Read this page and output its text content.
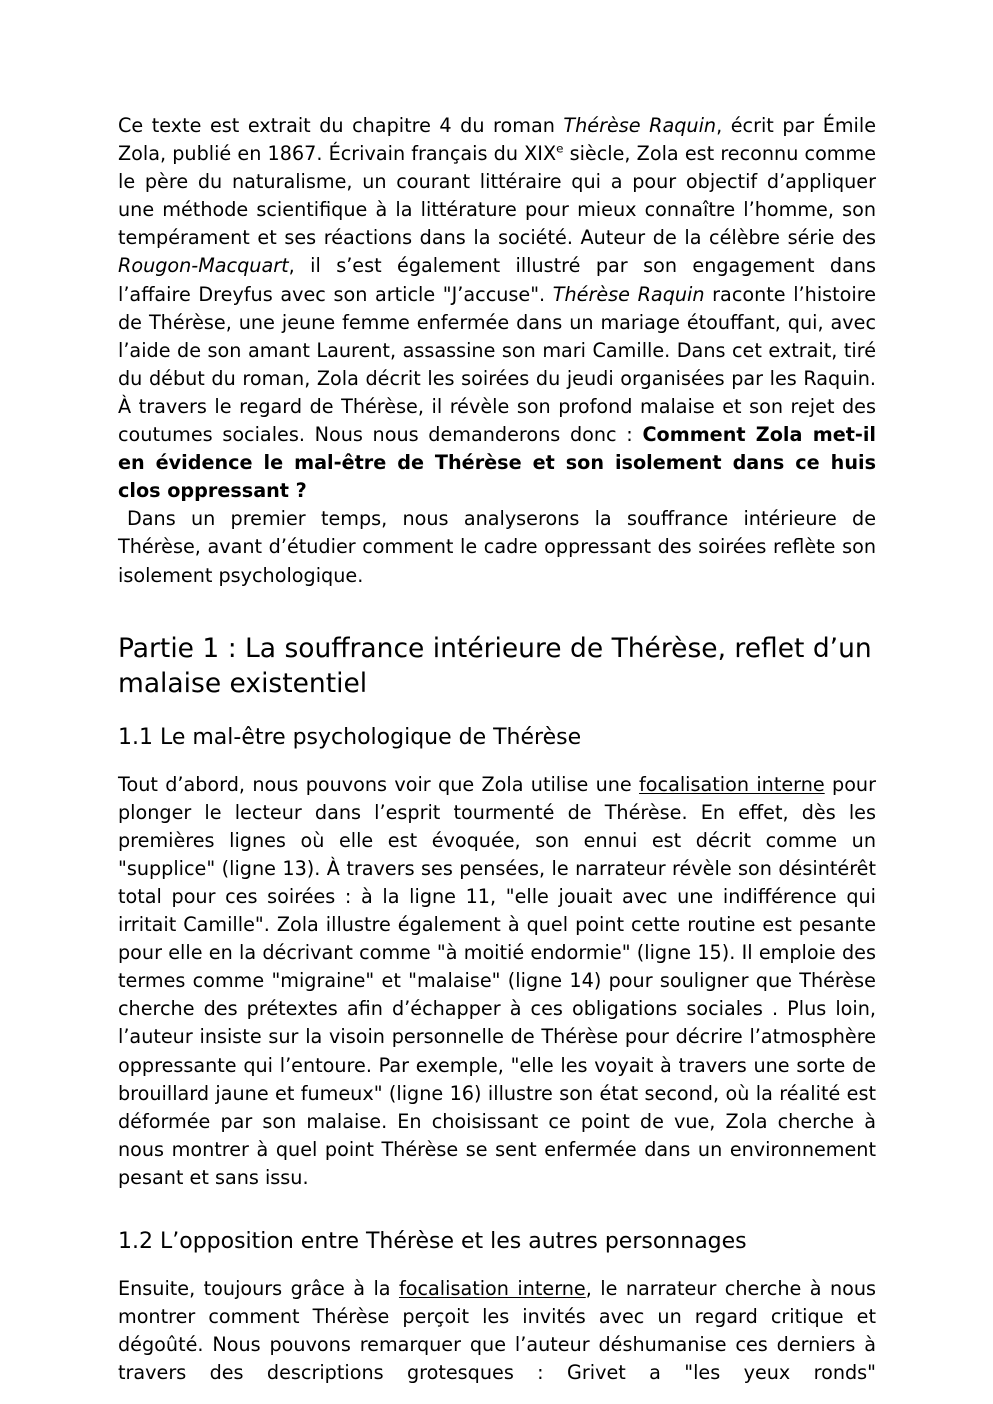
Ce texte est extrait du chapitre 4 du roman Thérèse Raquin, écrit par Émile Zola, publié en 1867. Écrivain français du XIXe siècle, Zola est reconnu comme le père du naturalisme, un courant littéraire qui a pour objectif d’appliquer une méthode scientifique à la littérature pour mieux connaître l’homme, son tempérament et ses réactions dans la société. Auteur de la célèbre série des Rougon-Macquart, il s’est également illustré par son engagement dans l’affaire Dreyfus avec son article "J’accuse". Thérèse Raquin raconte l’histoire de Thérèse, une jeune femme enfermée dans un mariage étouffant, qui, avec l’aide de son amant Laurent, assassine son mari Camille. Dans cet extrait, tiré du début du roman, Zola décrit les soirées du jeudi organisées par les Raquin. À travers le regard de Thérèse, il révèle son profond malaise et son rejet des coutumes sociales. Nous nous demanderons donc : Comment Zola met-il en évidence le mal-être de Thérèse et son isolement dans ce huis clos oppressant ?

Dans un premier temps, nous analyserons la souffrance intérieure de Thérèse, avant d’étudier comment le cadre oppressant des soirées reflète son isolement psychologique.

Partie 1 : La souffrance intérieure de Thérèse, reflet d’un malaise existentiel
1.1 Le mal-être psychologique de Thérèse

Tout d’abord, nous pouvons voir que Zola utilise une focalisation interne pour plonger le lecteur dans l’esprit tourmenté de Thérèse. En effet, dès les premières lignes où elle est évoquée, son ennui est décrit comme un "supplice" (ligne 13). À travers ses pensées, le narrateur révèle son désintérêt total pour ces soirées : à la ligne 11, "elle jouait avec une indifférence qui irritait Camille". Zola illustre également à quel point cette routine est pesante pour elle en la décrivant comme "à moitié endormie" (ligne 15). Il emploie des termes comme "migraine" et "malaise" (ligne 14) pour souligner que Thérèse cherche des prétextes afin d’échapper à ces obligations sociales . Plus loin, l’auteur insiste sur la visoin personnelle de Thérèse pour décrire l’atmosphère oppressante qui l’entoure. Par exemple, "elle les voyait à travers une sorte de brouillard jaune et fumeux" (ligne 16) illustre son état second, où la réalité est déformée par son malaise. En choisissant ce point de vue, Zola cherche à nous montrer à quel point Thérèse se sent enfermée dans un environnement pesant et sans issu.

1.2 L’opposition entre Thérèse et les autres personnages

Ensuite, toujours grâce à la focalisation interne, le narrateur cherche à nous montrer comment Thérèse perçoit les invités avec un regard critique et dégoûté. Nous pouvons remarquer que l’auteur déshumanise ces derniers à travers des descriptions grotesques : Grivet a "les yeux ronds"
